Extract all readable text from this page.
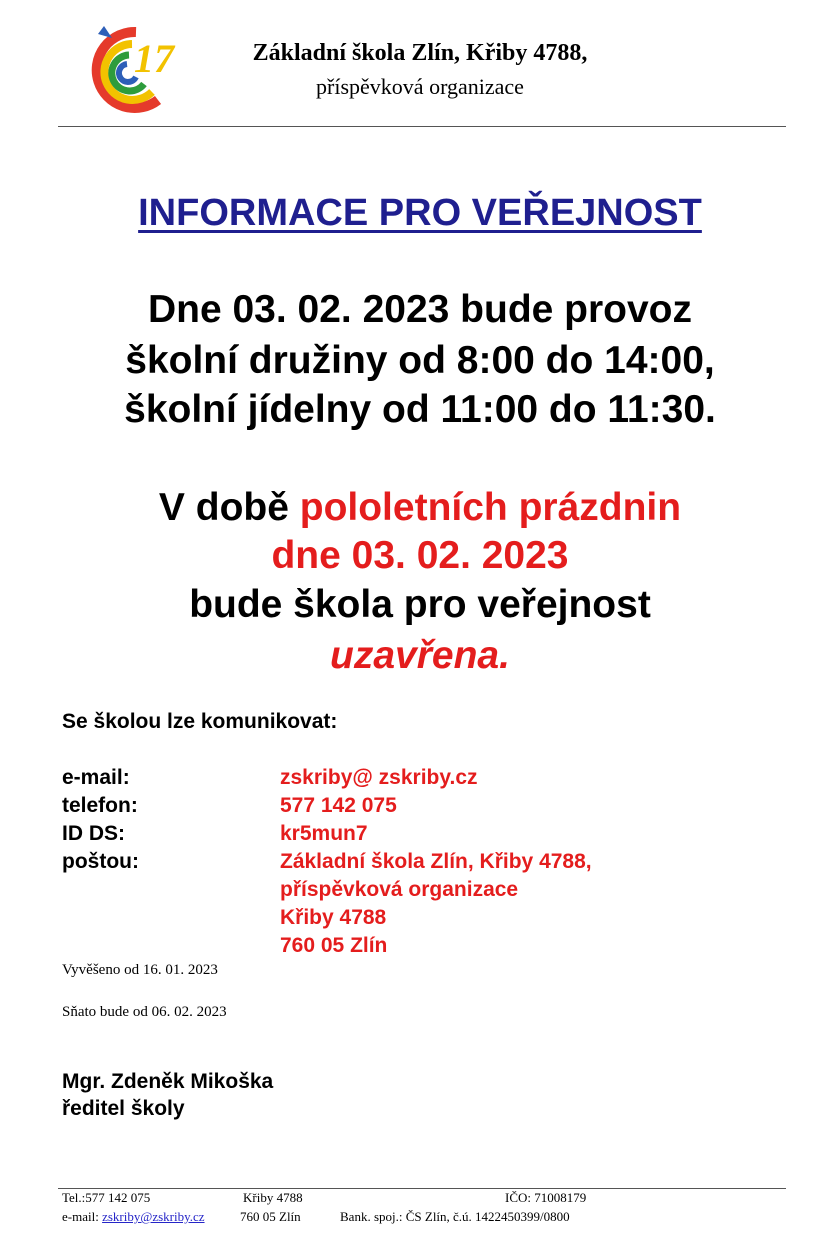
17	Základní škola Zlín, Křiby 4788,
příspěvková organizace
INFORMACE PRO VEŘEJNOST
Dne 03. 02. 2023 bude provoz
školní družiny od 8:00 do 14:00,
školní jídelny od 11:00 do 11:30.
V době pololetních prázdnin
dne 03. 02. 2023
bude škola pro veřejnost
uzavřena.
Se školou lze komunikovat:
e-mail:	zskriby@ zskriby.cz
telefon:	577 142 075
ID DS:	kr5mun7
poštou:	Základní škola Zlín, Křiby 4788,
příspěvková organizace
Křiby 4788
760 05 Zlín
Vyvěšeno od 16. 01. 2023
Sňato bude od 06. 02. 2023
Mgr. Zdeněk Mikoška
ředitel školy
Tel.:577 142 075	Křiby 4788	IČO: 71008179
e-mail: zskriby@zskriby.cz	760 05 Zlín	Bank. spoj.: ČS Zlín, č.ú. 1422450399/0800
